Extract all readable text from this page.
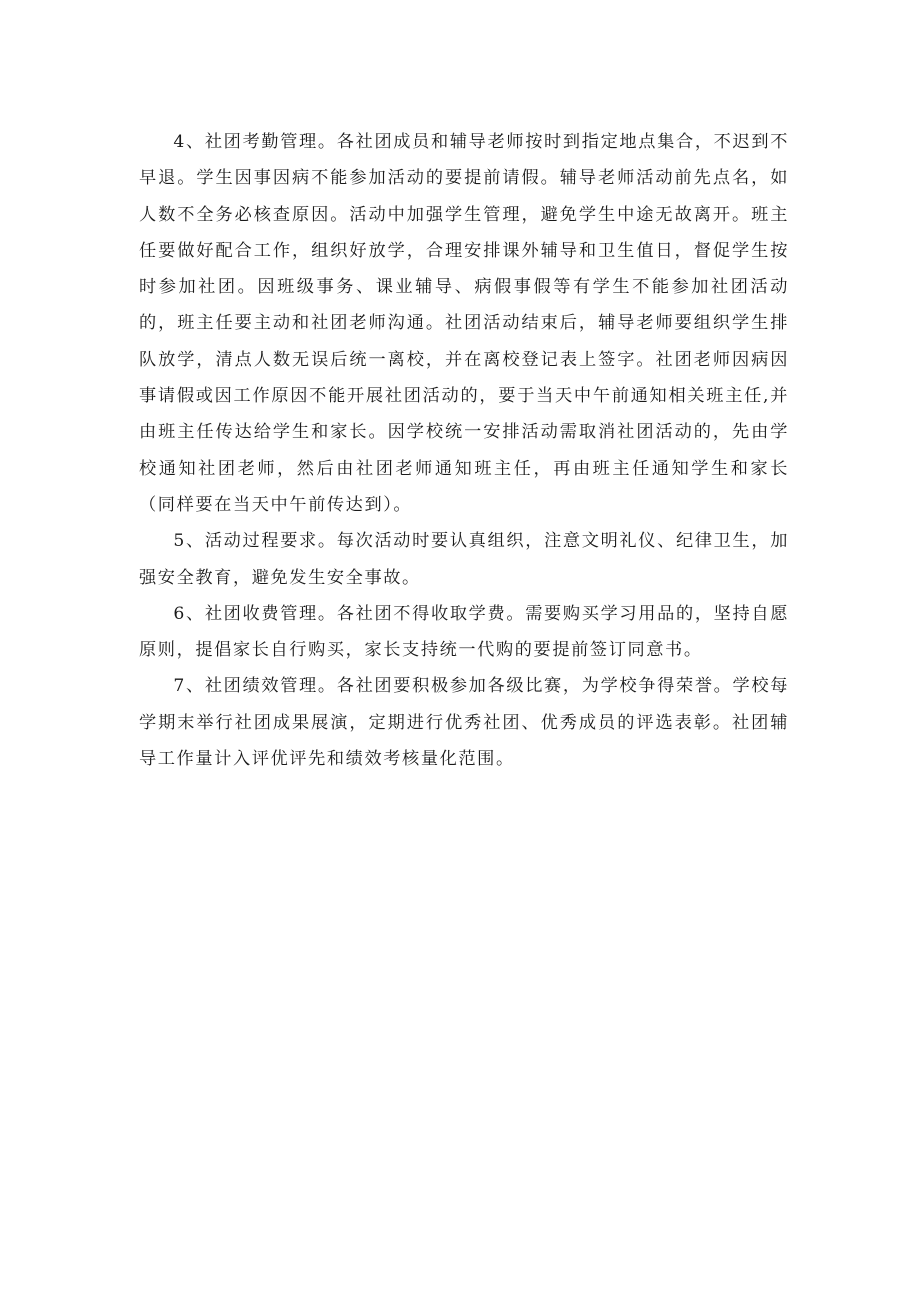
4、社团考勤管理。各社团成员和辅导老师按时到指定地点集合，不迟到不早退。学生因事因病不能参加活动的要提前请假。辅导老师活动前先点名，如人数不全务必核查原因。活动中加强学生管理，避免学生中途无故离开。班主任要做好配合工作，组织好放学，合理安排课外辅导和卫生值日，督促学生按时参加社团。因班级事务、课业辅导、病假事假等有学生不能参加社团活动的，班主任要主动和社团老师沟通。社团活动结束后，辅导老师要组织学生排队放学，清点人数无误后统一离校，并在离校登记表上签字。社团老师因病因事请假或因工作原因不能开展社团活动的，要于当天中午前通知相关班主任,并由班主任传达给学生和家长。因学校统一安排活动需取消社团活动的，先由学校通知社团老师，然后由社团老师通知班主任，再由班主任通知学生和家长（同样要在当天中午前传达到）。
5、活动过程要求。每次活动时要认真组织，注意文明礼仪、纪律卫生，加强安全教育，避免发生安全事故。
6、社团收费管理。各社团不得收取学费。需要购买学习用品的，坚持自愿原则，提倡家长自行购买，家长支持统一代购的要提前签订同意书。
7、社团绩效管理。各社团要积极参加各级比赛，为学校争得荣誉。学校每学期末举行社团成果展演，定期进行优秀社团、优秀成员的评选表彰。社团辅导工作量计入评优评先和绩效考核量化范围。
